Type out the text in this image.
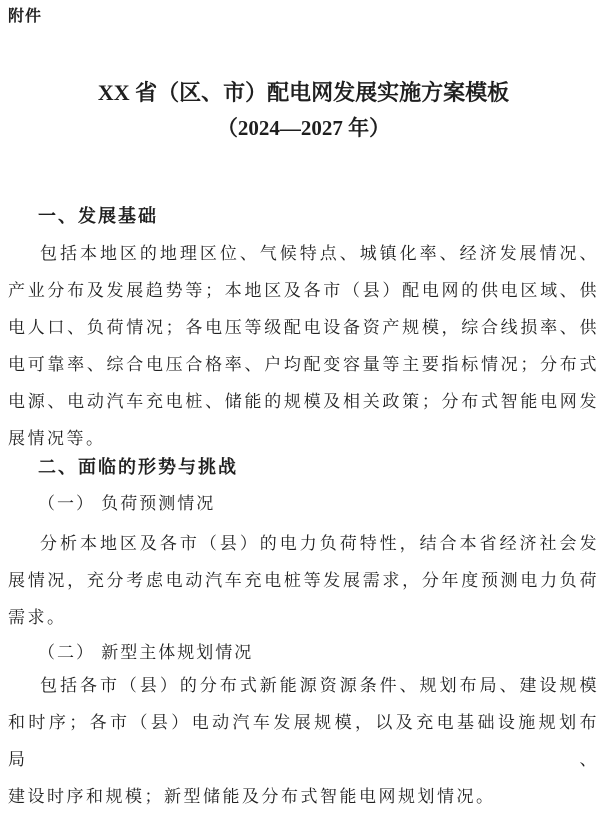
附件
XX 省（区、市）配电网发展实施方案模板
（2024—2027 年）
一、发展基础
包括本地区的地理区位、气候特点、城镇化率、经济发展情况、
产业分布及发展趋势等；本地区及各市（县）配电网的供电区域、供
电人口、负荷情况；各电压等级配电设备资产规模，综合线损率、供
电可靠率、综合电压合格率、户均配变容量等主要指标情况；分布式
电源、电动汽车充电桩、储能的规模及相关政策；分布式智能电网发
展情况等。
二、面临的形势与挑战
（一） 负荷预测情况
分析本地区及各市（县）的电力负荷特性，结合本省经济社会发
展情况，充分考虑电动汽车充电桩等发展需求，分年度预测电力负荷
需求。
（二） 新型主体规划情况
包括各市（县）的分布式新能源资源条件、规划布局、建设规模
和时序；各市（县）电动汽车发展规模，以及充电基础设施规划布局、
建设时序和规模；新型储能及分布式智能电网规划情况。
